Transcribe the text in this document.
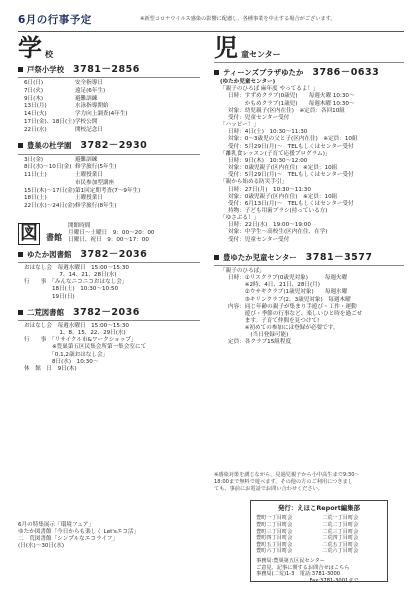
6月の行事予定	※新型コロナウイルス感染の影響に配慮し、各種事業を中止する場合がございます。
学 校
戸祭小学校 3781－2856
6日(日)	安全指導日
7日(火)	遠足(6年生)
9日(木)	避難訓練
13日(月)	水泳指導開始
14日(火)	学力向上調査(4年生)
17日(金)、18日(土)	学校公開
22日(水)	開校記念日
豊巣の杜学園 3782－2930
3日(金)	避難訓練
8日(水)～10日(金)	修学旅行(5年生)
11日(土)	土曜授業日
	市民参加型講座
15日(木)～17日(金)	第1回定期考査(7～9年生)
18日(土)	土曜授業日
22日(水)～24日(金)	修学旅行(8年生)
図 書館
開館時間
月曜日～土曜日　 9：00～20：00
日曜日、祝日　 9：00～17：00
ゆたか図書館 3782－2036
おはなし会　毎週水曜日　15:00～15:30
　　　　　　 7、14、21、28日(水)
行　　事　「みんなニコニコおはなし会」
　　　　　18日(土)　10:30～10:50
　　　　　19日(日)
二荒図書館 3782－2036
おはなし会　毎週水曜日　15:00～15:30
　　　　　　 1、8、15、22、29日(水)
行　　事　「リサイクル市&ワークショップ」
　　　　　※豊巣第五区民集会所第一集会室にて
　　　　　「0,1,2歳おはなし会」
　　　　　8日(水)　10:30～
休　館　日　9日(木)
6月の特集展示「環境フェア」
ゆたか図書館「今日からも楽しく Let'sエコ活」
二　荒図書館「シンプルなエコライフ」
(日(水)～30日(水)
児 童センター
ティーンズプラザゆたか 3786－0633
(ゆたか児童センター)
「親子のひろば 麻年度 やってるよ！」
日時：すずめクラブ(0歳児)　　毎週火曜 10:30～
　　　かもめクラブ(1歳児)　　毎週木曜 10:30～
対象：幼児親子(区内在住)　※定員：各回10組
受付：児童センター受付
「ハッピー！」
日時：4日(土)　10:30～11:30
対象：0～3歳児の父と子(区内在住)　※定員：10組
受付：5月29日(月)～　TELもしくはセンター受付
「離乳食レッスン(子育て応援プログラム)」
日時：9日(木)　10:30～12:00
対象：0歳児親子(区内在住)　※定員：10組
受付：5月29日(月)～　TELもしくはセンター受付
「親から始める防災手引」
日時：27日(月)　10:30～11:30
対象：0歳児親子(区内在住)　※定員：10組
受付：6月13日(月)～　TELもしくはセンター受付
持物：子ども用歯ブラシ(持っている方)
「ゆさぶる！」
日時：22日(水)　19:00～19:00
対象：中学生～高校生(区内在住、在学)
受付：児童センター受付
豊ゆたか児童センター 3781－3577
「親子のひろば」
日時：①リスクラブ(0歳児対象)　　　毎週火曜
　　　※2時、4日、21日、28日(月)
　　　②ウサギクラブ(1歳児対象)　　毎週水曜
　　　③キリンクラブ(2、3歳児対象)　毎週木曜
内容：同じ年齢の親子が集まり手遊び・工作・運動
　　　遊び・季節の行事など、楽しいひと時を過ごせ
　　　ます。子育て仲間を見つけて!
　　　※初めての参加には登録が必要です。
　　　　(当日登録可能)
定員：各クラブ15組程度
※感染対策を講じながら、見過児親子から小中高生まで9:30～
18:00まで無料で遊べます。その他の方のご利用につきまし
ても、事前にお電話でお問い合わせください。
発行：えほこReport編集部
豊町一丁目町会	二荒一丁目町会
豊町二丁目町会	二荒二丁目町会
豊町三丁目町会	二荒三丁目町会
豊町四丁目町会	二荒四丁目町会
豊町五丁目町会	二荒五丁目町会
豊町六丁目町会	二荒六丁目町会
事務局:豊巣第五区民センター
ご意見、記事に関するお問合せはこちら
事務局(二荒)1-3　電話:3781-3000
　　　　　　　　　　 Fax:3781-3001まで
